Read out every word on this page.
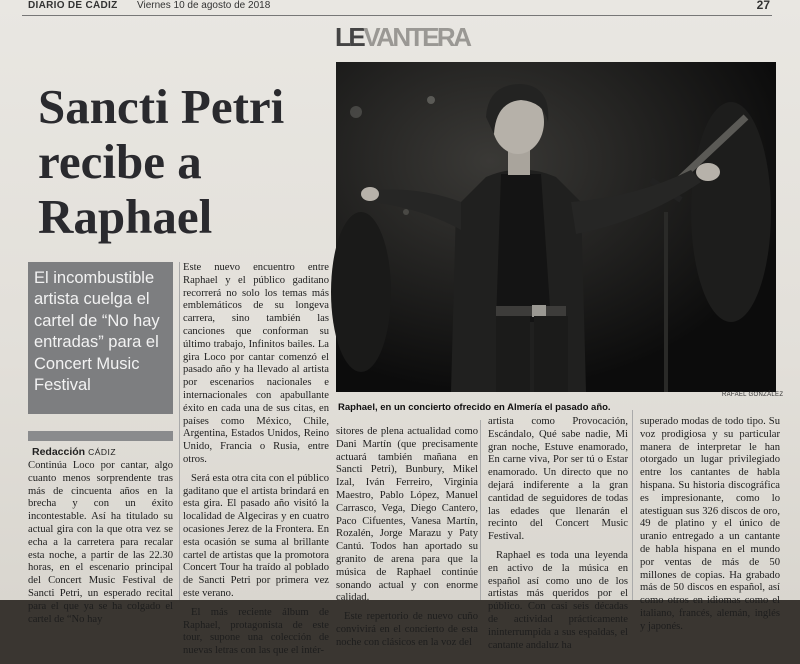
DIARIO DE CÁDIZ Viernes 10 de agosto de 2018	27
LEVANTERA
Sancti Petri
recibe a
Raphael
El incombustible artista cuelga el cartel de “No hay entradas” para el Concert Music Festival
Redacción CÁDIZ

Continúa Loco por cantar, algo cuanto menos sorprendente tras más de cincuenta años en la brecha y con un éxito incontestable. Así ha titulado su actual gira con la que otra vez se echa a la carretera para recalar esta noche, a partir de las 22.30 horas, en el escenario principal del Concert Music Festival de Sancti Petri, un esperado recital para el que ya se ha colgado el cartel de “No hay

Este nuevo encuentro entre Raphael y el público gaditano recorrerá no solo los temas más emblemáticos de su longeva carrera, sino también las canciones que conforman su último trabajo, Infinitos bailes. La gira Loco por cantar comenzó el pasado año y ha llevado al artista por escenarios nacionales e internacionales con apabullante éxito en cada una de sus citas, en países como México, Chile, Argentina, Estados Unidos, Reino Unido, Francia o Rusia, entre otros.

Será esta otra cita con el público gaditano que el artista brindará en esta gira. El pasado año visitó la localidad de Algeciras y en cuatro ocasiones Jerez de la Frontera. En esta ocasión se suma al brillante cartel de artistas que la promotora Concert Tour ha traído al poblado de Sancti Petri por primera vez este verano.

El más reciente álbum de Raphael, protagonista de este tour, supone una colección de nuevas letras con las que el intér-

RAFAEL GONZÁLEZ
Raphael, en un concierto ofrecido en Almería el pasado año.

sitores de plena actualidad como Dani Martín (que precisamente actuará también mañana en Sancti Petri), Bunbury, Mikel Izal, Iván Ferreiro, Virginia Maestro, Pablo López, Manuel Carrasco, Vega, Diego Cantero, Paco Cifuentes, Vanesa Martín, Rozalén, Jorge Marazu y Paty Cantú. Todos han aportado su granito de arena para que la música de Raphael continúe sonando actual y con enorme calidad.

Este repertorio de nuevo cuño convivirá en el concierto de esta noche con clásicos en la voz del

artista como Provocación, Escándalo, Qué sabe nadie, Mi gran noche, Estuve enamorado, En carne viva, Por ser tú o Estar enamorado. Un directo que no dejará indiferente a la gran cantidad de seguidores de todas las edades que llenarán el recinto del Concert Music Festival.

Raphael es toda una leyenda en activo de la música en español así como uno de los artistas más queridos por el público. Con casi seis décadas de actividad prácticamente ininterrumpida a sus espaldas, el cantante andaluz ha

superado modas de todo tipo. Su voz prodigiosa y su particular manera de interpretar le han otorgado un lugar privilegiado entre los cantantes de habla hispana. Su historia discográfica es impresionante, como lo atestiguan sus 326 discos de oro, 49 de platino y el único de uranio entregado a un cantante de habla hispana en el mundo por ventas de más de 50 millones de copias. Ha grabado más de 50 discos en español, así como otros en idiomas como el italiano, francés, alemán, inglés y japonés.
